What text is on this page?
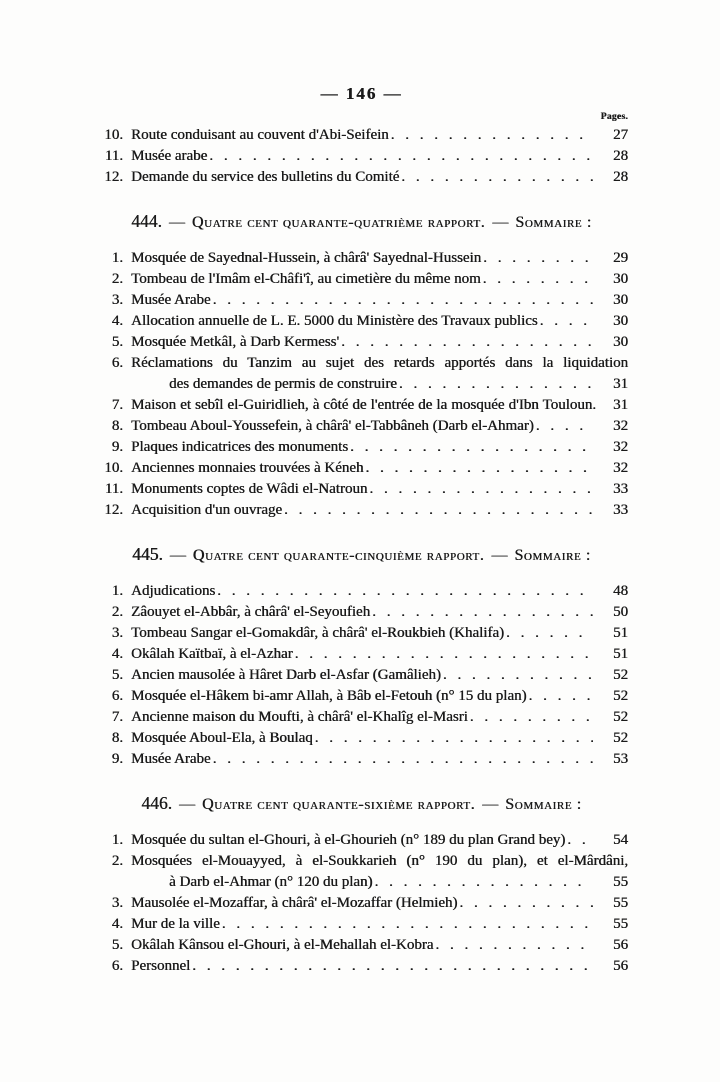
— 146 —
Pages.
10. Route conduisant au couvent d'Abi-Seifein . . .	27
11. Musée arabe . . .	28
12. Demande du service des bulletins du Comité . . .	28
444. — Quatre cent quarante-quatrième rapport. — Sommaire :
1. Mosquée de Sayednal-Hussein, à chârâ' Sayednal-Hussein . . .	29
2. Tombeau de l'Imâm el-Châfi'î, au cimetière du même nom . . .	30
3. Musée Arabe . . .	30
4. Allocation annuelle de L. E. 5000 du Ministère des Travaux publics . . .	30
5. Mosquée Metkâl, à Darb Kermess' . . .	30
6. Réclamations du Tanzim au sujet des retards apportés dans la liquidation
des demandes de permis de construire . . .	31
7. Maison et sebîl el-Guiridlieh, à côté de l'entrée de la mosquée d'Ibn Touloun.	31
8. Tombeau Aboul-Youssefein, à chârâ' el-Tabbâneh (Darb el-Ahmar) . . .	32
9. Plaques indicatrices des monuments . . .	32
10. Anciennes monnaies trouvées à Kéneh . . .	32
11. Monuments coptes de Wâdi el-Natroun . . .	33
12. Acquisition d'un ouvrage . . .	33
445. — Quatre cent quarante-cinquième rapport. — Sommaire :
1. Adjudications . . .	48
2. Zâouyet el-Abbâr, à chârâ' el-Seyoufieh . . .	50
3. Tombeau Sangar el-Gomakdâr, à chârâ' el-Roukbieh (Khalifa) . . .	51
4. Okâlah Kaïtbaï, à el-Azhar . . .	51
5. Ancien mausolée à Hâret Darb el-Asfar (Gamâlieh) . . .	52
6. Mosquée el-Hâkem bi-amr Allah, à Bâb el-Fetouh (n° 15 du plan) . . .	52
7. Ancienne maison du Moufti, à chârâ' el-Khalîg el-Masri . . .	52
8. Mosquée Aboul-Ela, à Boulaq . . .	52
9. Musée Arabe . . .	53
446. — Quatre cent quarante-sixième rapport. — Sommaire :
1. Mosquée du sultan el-Ghouri, à el-Ghourieh (n° 189 du plan Grand bey) . . .	54
2. Mosquées el-Mouayyed, à el-Soukkarieh (n° 190 du plan), et el-Mârdâni,
à Darb el-Ahmar (n° 120 du plan) . . .	55
3. Mausolée el-Mozaffar, à chârâ' el-Mozaffar (Helmieh) . . .	55
4. Mur de la ville . . .	55
5. Okâlah Kânsou el-Ghouri, à el-Mehallah el-Kobra . . .	56
6. Personnel . . .	56
